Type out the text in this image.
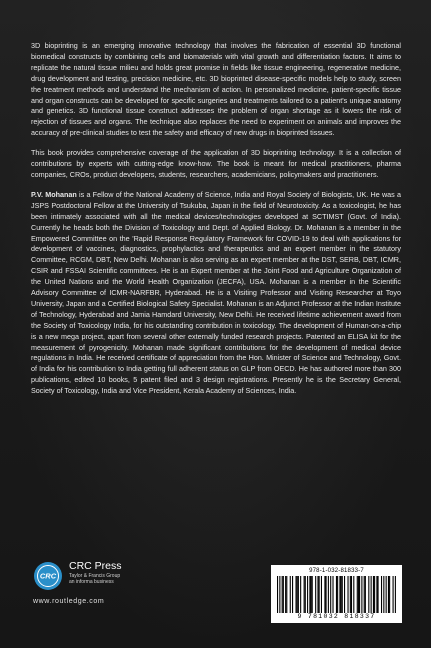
3D bioprinting is an emerging innovative technology that involves the fabrication of essential 3D functional biomedical constructs by combining cells and biomaterials with vital growth and differentiation factors. It aims to replicate the natural tissue milieu and holds great promise in fields like tissue engineering, regenerative medicine, drug development and testing, precision medicine, etc. 3D bioprinted disease-specific models help to study, screen the treatment methods and understand the mechanism of action. In personalized medicine, patient-specific tissue and organ constructs can be developed for specific surgeries and treatments tailored to a patient's unique anatomy and genetics. 3D functional tissue construct addresses the problem of organ shortage as it lowers the risk of rejection of tissues and organs. The technique also replaces the need to experiment on animals and improves the accuracy of pre-clinical studies to test the safety and efficacy of new drugs in bioprinted tissues.

This book provides comprehensive coverage of the application of 3D bioprinting technology. It is a collection of contributions by experts with cutting-edge know-how. The book is meant for medical practitioners, pharma companies, CROs, product developers, students, researchers, academicians, policymakers and practitioners.

P.V. Mohanan is a Fellow of the National Academy of Science, India and Royal Society of Biologists, UK. He was a JSPS Postdoctoral Fellow at the University of Tsukuba, Japan in the field of Neurotoxicity. As a toxicologist, he has been intimately associated with all the medical devices/technologies developed at SCTIMST (Govt. of India). Currently he heads both the Division of Toxicology and Dept. of Applied Biology. Dr. Mohanan is a member in the Empowered Committee on the 'Rapid Response Regulatory Framework for COVID-19 to deal with applications for development of vaccines, diagnostics, prophylactics and therapeutics and an expert member in the statutory Committee, RCGM, DBT, New Delhi. Mohanan is also serving as an expert member at the DST, SERB, DBT, ICMR, CSIR and FSSAI Scientific committees. He is an Expert member at the Joint Food and Agriculture Organization of the United Nations and the World Health Organization (JECFA), USA. Mohanan is a member in the Scientific Advisory Committee of ICMR-NARFBR, Hyderabad. He is a Visiting Professor and Visiting Researcher at Toyo University, Japan and a Certified Biological Safety Specialist. Mohanan is an Adjunct Professor at the Indian Institute of Technology, Hyderabad and Jamia Hamdard University, New Delhi. He received lifetime achievement award from the Society of Toxicology India, for his outstanding contribution in toxicology. The development of Human-on-a-chip is a new mega project, apart from several other externally funded research projects. Patented an ELISA kit for the measurement of pyrogenicity. Mohanan made significant contributions for the development of medical device regulations in India. He received certificate of appreciation from the Hon. Minister of Science and Technology, Govt. of India for his contribution to India getting full adherent status on GLP from OECD. He has authored more than 300 publications, edited 10 books, 5 patent filed and 3 design registrations. Presently he is the Secretary General, Society of Toxicology, India and Vice President, Kerala Academy of Sciences, India.

CRC
CRC Press
Taylor & Francis Group
an informa business
www.routledge.com
978-1-032-81833-7
9 781032 818337
